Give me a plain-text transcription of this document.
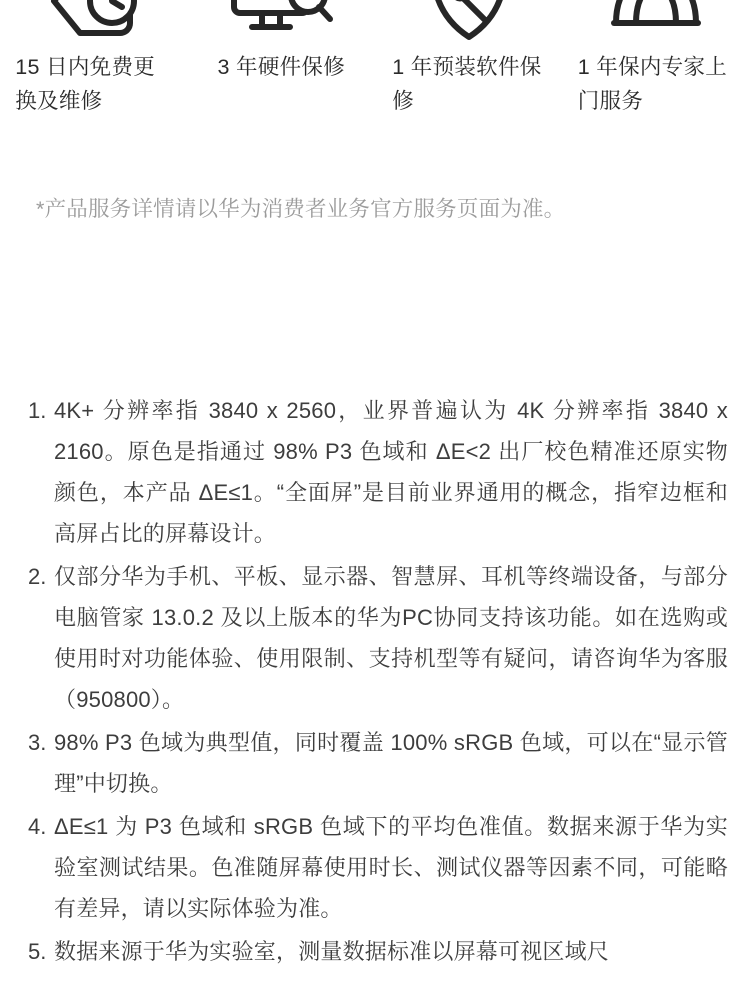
15 日内免费更换及维修
3 年硬件保修	1 年预装软件保修
1 年保内专家上门服务
*产品服务详情请以华为消费者业务官方服务页面为准。
1. 4K+ 分辨率指 3840 x 2560，业界普遍认为 4K 分辨率指 3840 x 2160。原色是指通过 98% P3 色域和 ΔE<2 出厂校色精准还原实物颜色，本产品 ΔE≤1。“全面屏”是目前业界通用的概念，指窄边框和高屏占比的屏幕设计。
2. 仅部分华为手机、平板、显示器、智慧屏、耳机等终端设备，与部分电脑管家 13.0.2 及以上版本的华为PC协同支持该功能。如在选购或使用时对功能体验、使用限制、支持机型等有疑问，请咨询华为客服（950800）。
3. 98% P3 色域为典型值，同时覆盖 100% sRGB 色域，可以在“显示管理”中切换。
4. ΔE≤1 为 P3 色域和 sRGB 色域下的平均色准值。数据来源于华为实验室测试结果。色准随屏幕使用时长、测试仪器等因素不同，可能略有差异，请以实际体验为准。
5. 数据来源于华为实验室，测量数据标准以屏幕可视区域尺
